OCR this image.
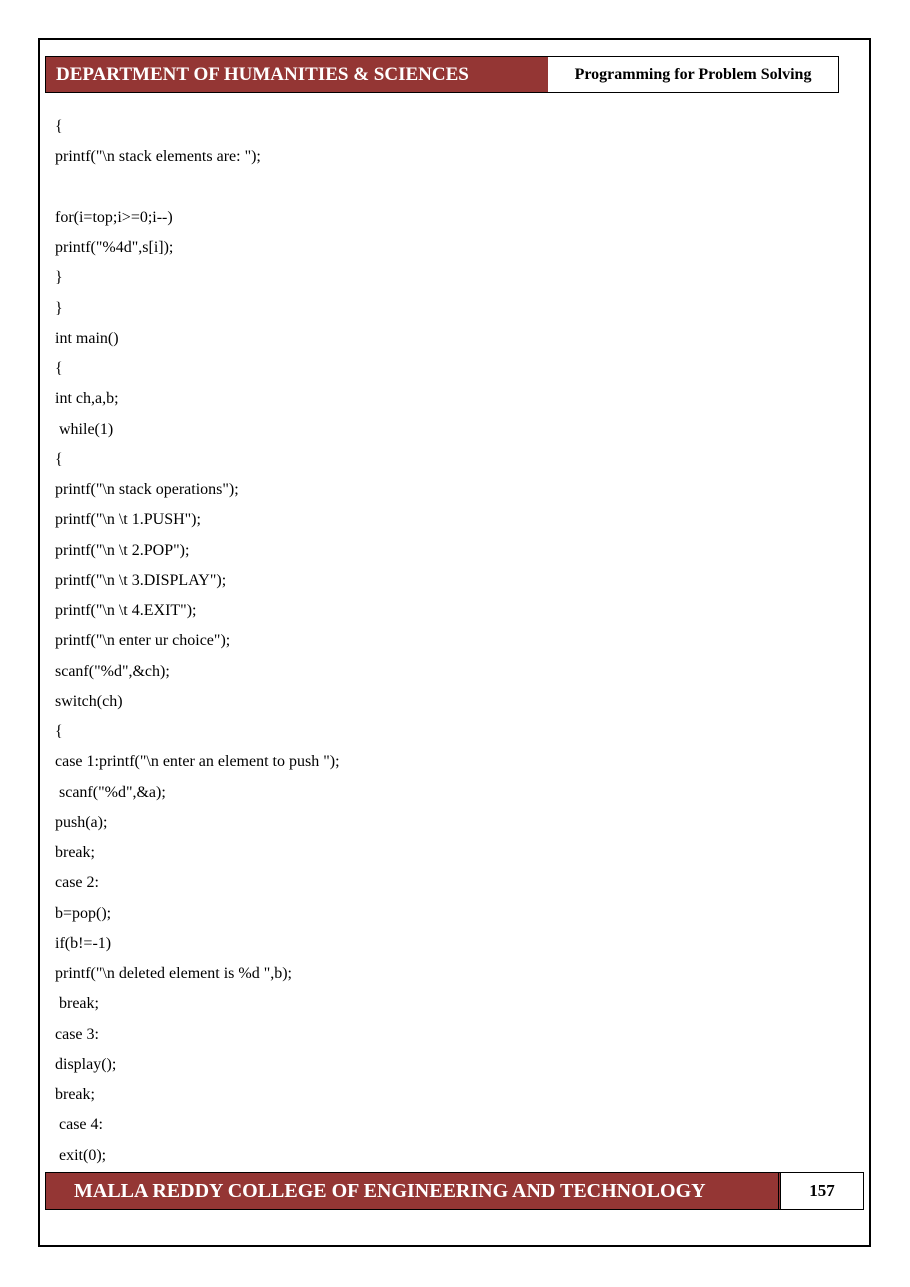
DEPARTMENT OF HUMANITIES & SCIENCES	Programming for Problem Solving
{
printf("\n stack elements are: ");
for(i=top;i>=0;i--)
printf("%4d",s[i]);
}
}
int main()
{
int ch,a,b;
while(1)
{
printf("\n stack operations");
printf("\n \t 1.PUSH");
printf("\n \t 2.POP");
printf("\n \t 3.DISPLAY");
printf("\n \t 4.EXIT");
printf("\n enter ur choice");
scanf("%d",&ch);
switch(ch)
{
case 1:printf("\n enter an element to push ");
scanf("%d",&a);
push(a);
break;
case 2:
b=pop();
if(b!=-1)
printf("\n deleted element is %d ",b);
break;
case 3:
display();
break;
case 4:
exit(0);
MALLA REDDY COLLEGE OF ENGINEERING AND TECHNOLOGY	157
